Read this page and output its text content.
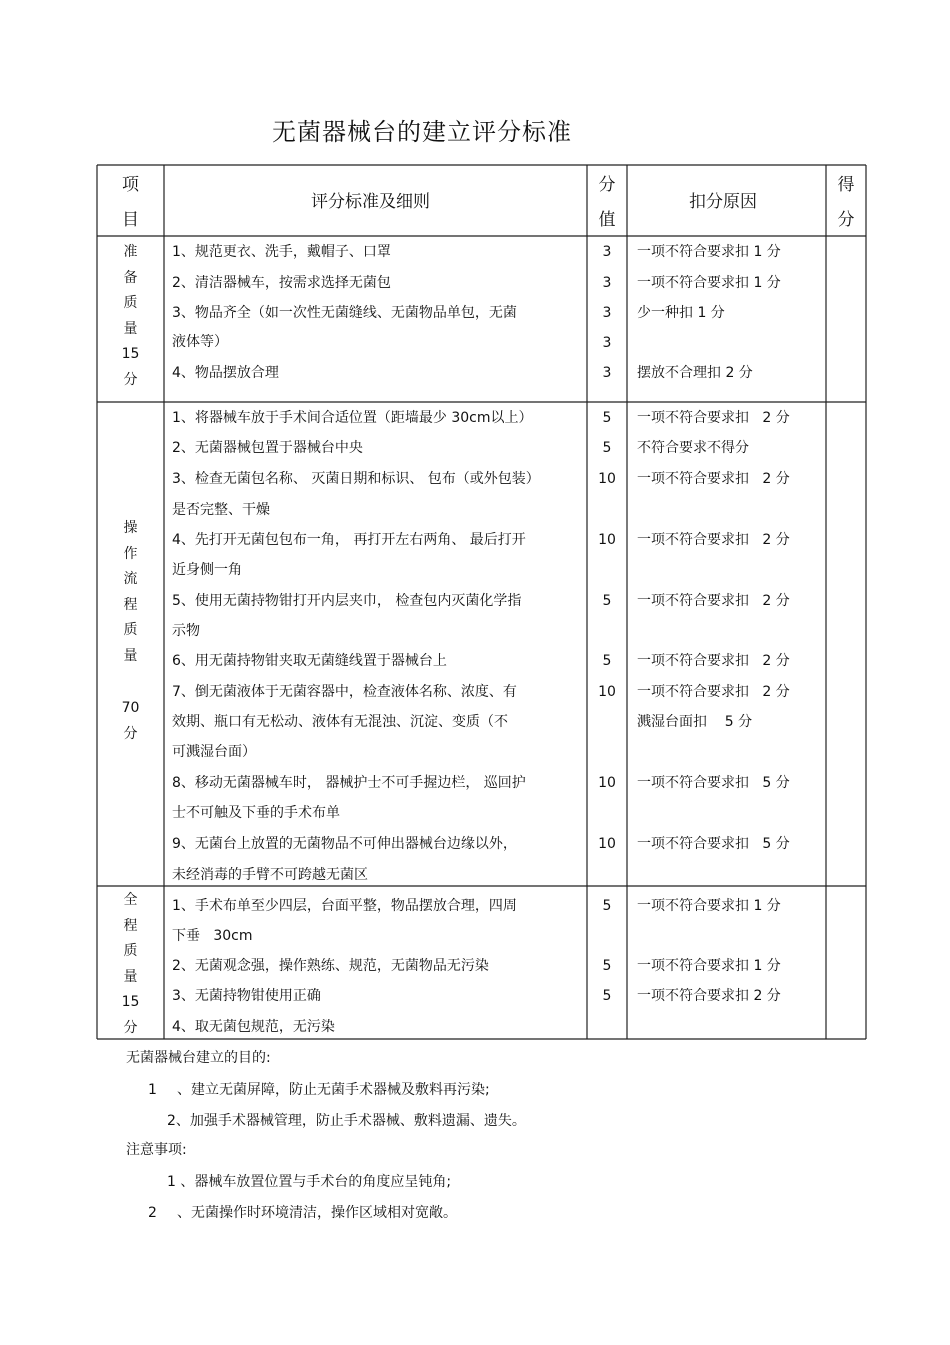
无菌器械台的建立评分标准
项
目
评分标准及细则
分
值
扣分原因
得
分
准
备
质
量
15
分
1、规范更衣、洗手，戴帽子、口罩
2、清洁器械车，按需求选择无菌包
3、物品齐全（如一次性无菌缝线、无菌物品单包，无菌
液体等）
4、物品摆放合理
3
3
3
3
3
一项不符合要求扣 1 分
一项不符合要求扣 1 分
少一种扣 1 分
摆放不合理扣 2 分
操
作
流
程
质
量
70
分
1、将器械车放于手术间合适位置（距墙最少 30cm以上）
2、无菌器械包置于器械台中央
3、检查无菌包名称、 灭菌日期和标识、 包布（或外包装）
是否完整、干燥
4、先打开无菌包包布一角， 再打开左右两角、 最后打开
近身侧一角
5、使用无菌持物钳打开内层夹巾， 检查包内灭菌化学指
示物
6、用无菌持物钳夹取无菌缝线置于器械台上
7、倒无菌液体于无菌容器中，检查液体名称、浓度、有
效期、瓶口有无松动、液体有无混浊、沉淀、变质（不
可溅湿台面）
8、移动无菌器械车时， 器械护士不可手握边栏， 巡回护
士不可触及下垂的手术布单
9、无菌台上放置的无菌物品不可伸出器械台边缘以外，
未经消毒的手臂不可跨越无菌区
5
5
10
10
5
5
10
10
10
一项不符合要求扣   2 分
不符合要求不得分
一项不符合要求扣   2 分
一项不符合要求扣   2 分
一项不符合要求扣   2 分
一项不符合要求扣   2 分
一项不符合要求扣   2 分
溅湿台面扣    5 分
一项不符合要求扣   5 分
一项不符合要求扣   5 分
全
程
质
量
15
分
1、手术布单至少四层，台面平整，物品摆放合理，四周
下垂   30cm
2、无菌观念强，操作熟练、规范，无菌物品无污染
3、无菌持物钳使用正确
4、取无菌包规范，无污染
5
5
5
一项不符合要求扣 1 分
一项不符合要求扣 1 分
一项不符合要求扣 2 分
无菌器械台建立的目的:
1 、建立无菌屏障，防止无菌手术器械及敷料再污染;
2、加强手术器械管理，防止手术器械、敷料遗漏、遗失。
注意事项:
1 、器械车放置位置与手术台的角度应呈钝角;
2 、无菌操作时环境清洁，操作区域相对宽敞。
